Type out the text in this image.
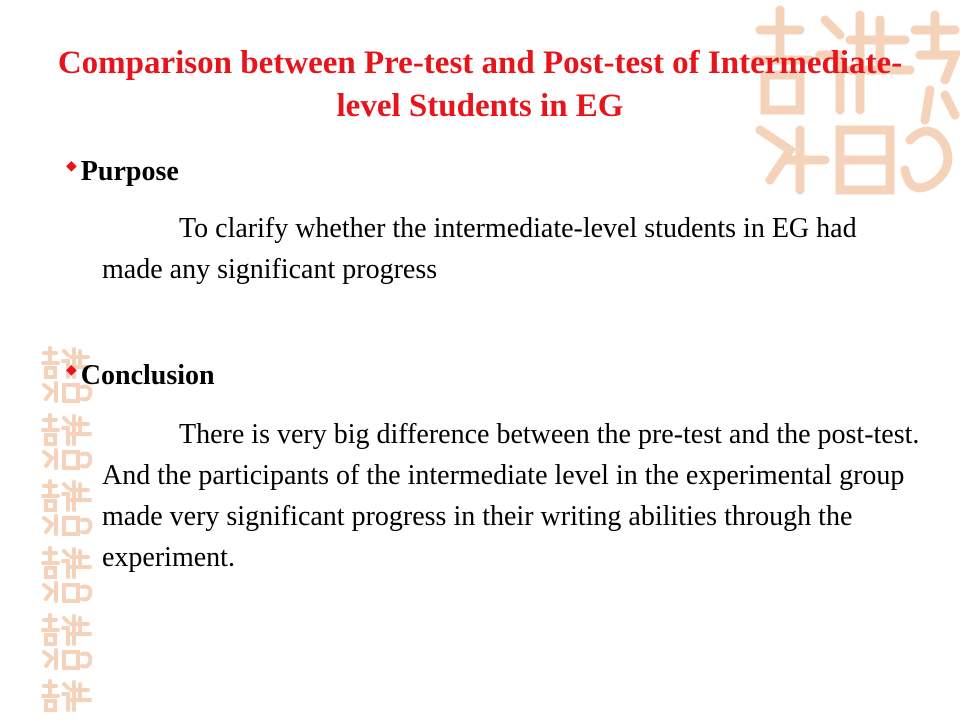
Comparison between Pre-test and Post-test of Intermediate-level Students in EG
◆ Purpose
To clarify whether the intermediate-level students in EG had made any significant progress
◆ Conclusion
There is very big difference between the pre-test and the post-test. And the participants of the intermediate level in the experimental group made very significant progress in their writing abilities through the experiment.
